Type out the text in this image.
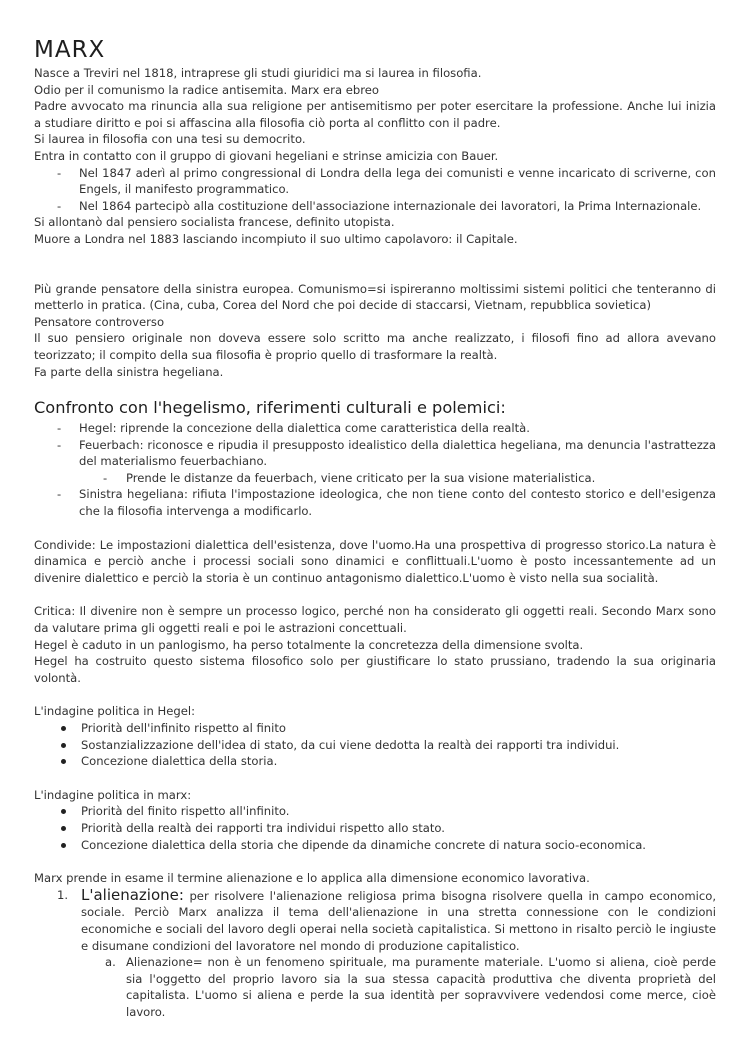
MARX

Nasce a Treviri nel 1818, intraprese gli studi giuridici ma si laurea in filosofia.

Odio per il comunismo la radice antisemita. Marx era ebreo

Padre avvocato ma rinuncia alla sua religione per antisemitismo per poter esercitare la professione. Anche lui inizia a studiare diritto e poi si affascina alla filosofia ciò porta al conflitto con il padre.

Si laurea in filosofia con una tesi su democrito.

Entra in contatto con il gruppo di giovani hegeliani e strinse amicizia con Bauer.

- Nel 1847 aderì al primo congressional di Londra della lega dei comunisti e venne incaricato di scriverne, con Engels, il manifesto programmatico.
- Nel 1864 partecipò alla costituzione dell'associazione internazionale dei lavoratori, la Prima Internazionale.

Si allontanò dal pensiero socialista francese, definito utopista.

Muore a Londra nel 1883 lasciando incompiuto il suo ultimo capolavoro: il Capitale.

Più grande pensatore della sinistra europea. Comunismo=si ispireranno moltissimi sistemi politici che tenteranno di metterlo in pratica. (Cina, cuba, Corea del Nord che poi decide di staccarsi, Vietnam, repubblica sovietica)

Pensatore controverso

Il suo pensiero originale non doveva essere solo scritto ma anche realizzato, i filosofi fino ad allora avevano teorizzato; il compito della sua filosofia è proprio quello di trasformare la realtà.

Fa parte della sinistra hegeliana.

Confronto con l'hegelismo, riferimenti culturali e polemici:
- Hegel: riprende la concezione della dialettica come caratteristica della realtà.
- Feuerbach: riconosce e ripudia il presupposto idealistico della dialettica hegeliana, ma denuncia l'astrattezza del materialismo feuerbachiano.
- Prende le distanze da feuerbach, viene criticato per la sua visione materialistica.
- Sinistra hegeliana: rifiuta l'impostazione ideologica, che non tiene conto del contesto storico e dell'esigenza che la filosofia intervenga a modificarlo.

Condivide: Le impostazioni dialettica dell'esistenza, dove l'uomo.Ha una prospettiva di progresso storico.La natura è dinamica e perciò anche i processi sociali sono dinamici e conflittuali.L'uomo è posto incessantemente ad un divenire dialettico e perciò la storia è un continuo antagonismo dialettico.L'uomo è visto nella sua socialità.

Critica: Il divenire non è sempre un processo logico, perché non ha considerato gli oggetti reali. Secondo Marx sono da valutare prima gli oggetti reali e poi le astrazioni concettuali.

Hegel è caduto in un panlogismo, ha perso totalmente la concretezza della dimensione svolta.

Hegel ha costruito questo sistema filosofico solo per giustificare lo stato prussiano, tradendo la sua originaria volontà.

L'indagine politica in Hegel:

Priorità dell'infinito rispetto al finito
Sostanzializzazione dell'idea di stato, da cui viene dedotta la realtà dei rapporti tra individui.
Concezione dialettica della storia.

L'indagine politica in marx:

Priorità del finito rispetto all'infinito.
Priorità della realtà dei rapporti tra individui rispetto allo stato.
Concezione dialettica della storia che dipende da dinamiche concrete di natura socio-economica.

Marx prende in esame il termine alienazione e lo applica alla dimensione economico lavorativa.

1. L'alienazione: per risolvere l'alienazione religiosa prima bisogna risolvere quella in campo economico, sociale. Perciò Marx analizza il tema dell'alienazione in una stretta connessione con le condizioni economiche e sociali del lavoro degli operai nella società capitalistica. Si mettono in risalto perciò le ingiuste e disumane condizioni del lavoratore nel mondo di produzione capitalistico.
a. Alienazione= non è un fenomeno spirituale, ma puramente materiale. L'uomo si aliena, cioè perde sia l'oggetto del proprio lavoro sia la sua stessa capacità produttiva che diventa proprietà del capitalista. L'uomo si aliena e perde la sua identità per sopravvivere vedendosi come merce, cioè lavoro.
